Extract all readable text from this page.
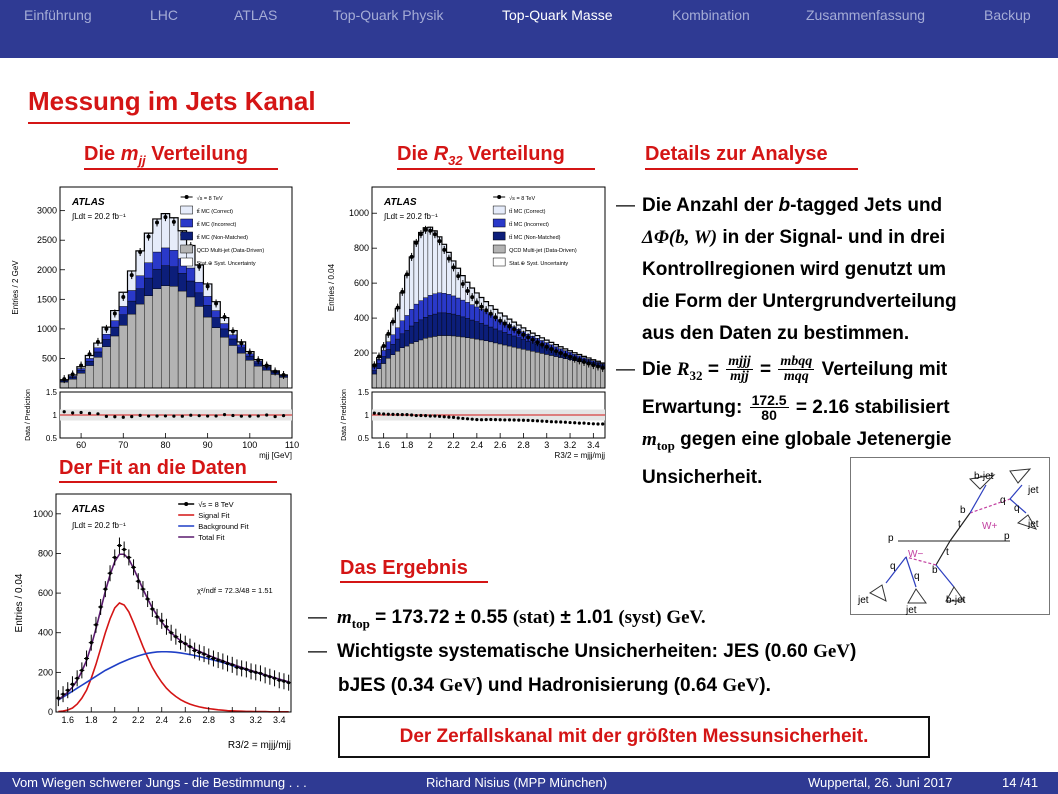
Einführung	LHC	ATLAS	Top-Quark Physik	Top-Quark Masse	Kombination	Zusammenfassung	Backup
Messung im Jets Kanal
Die $m_{jj}$ Verteilung	Die $R_{32}$ Verteilung	Details zur Analyse
Der Fit an die Daten
Das Ergebnis
500
1000
1500
2000
2500
3000
0.5
1
1.5
60	70	80	90	100	110
mjj [GeV]
Entries / 2 GeV
Data / Prediction
ATLAS
∫Ldt = 20.2 fb⁻¹
√s = 8 TeV
tt̄ MC (Correct)
tt̄ MC (Incorrect)
tt̄ MC (Non-Matched)
QCD Multi-jet (Data-Driven)
Stat.⊕ Syst. Uncertainty
200
400
600
800
1000
0.5
1
1.5
1.6 1.8 2 2.2 2.4 2.6 2.8 3 3.2 3.4
R3/2 = mjjj/mjj
Entries / 0.04
Data / Prediction
ATLAS
∫Ldt = 20.2 fb⁻¹
√s = 8 TeV
tt̄ MC (Correct)
tt̄ MC (Incorrect)
tt̄ MC (Non-Matched)
QCD Multi-jet (Data-Driven)
Stat.⊕ Syst. Uncertainty
0
200
400
600
800
1000
1.6 1.8 2 2.2 2.4 2.6 2.8 3 3.2 3.4
R3/2 = mjjj/mjj
Entries / 0.04
ATLAS
∫Ldt = 20.2 fb⁻¹
χ²/ndf = 72.3/48 = 1.51
√s = 8 TeV
Signal Fit
Background Fit
Total Fit
— Die Anzahl der b-tagged Jets und
ΔΦ(b, W) in der Signal- und in drei
Kontrollregionen wird genutzt um
die Form der Untergrundverteilung
aus den Daten zu bestimmen.
— Die $R_{32} = \frac{\text{mjjj}}{\text{mjj}} = \frac{\text{mbqq}}{\text{mqq}}$ Verteilung mit
Erwartung: $\frac{172.5}{80} = 2.16$ stabilisiert
$m_{top}$ gegen eine globale Jetenergie
Unsicherheit.	b-jet
jet
jet
b
q
q
W+
t
p	p
t
W−
q
q
b
jet
jet
b-jet
— $m_{top} = 173.72 \pm 0.55$ (stat) ± 1.01 (syst) GeV.
— Wichtigste systematische Unsicherheiten: JES (0.60 GeV)
bJES (0.34 GeV) und Hadronisierung (0.64 GeV).
Der Zerfallskanal mit der größten Messunsicherheit.
Vom Wiegen schwerer Jungs - die Bestimmung . . .	Richard Nisius (MPP München)	Wuppertal, 26. Juni 2017	14 /41
